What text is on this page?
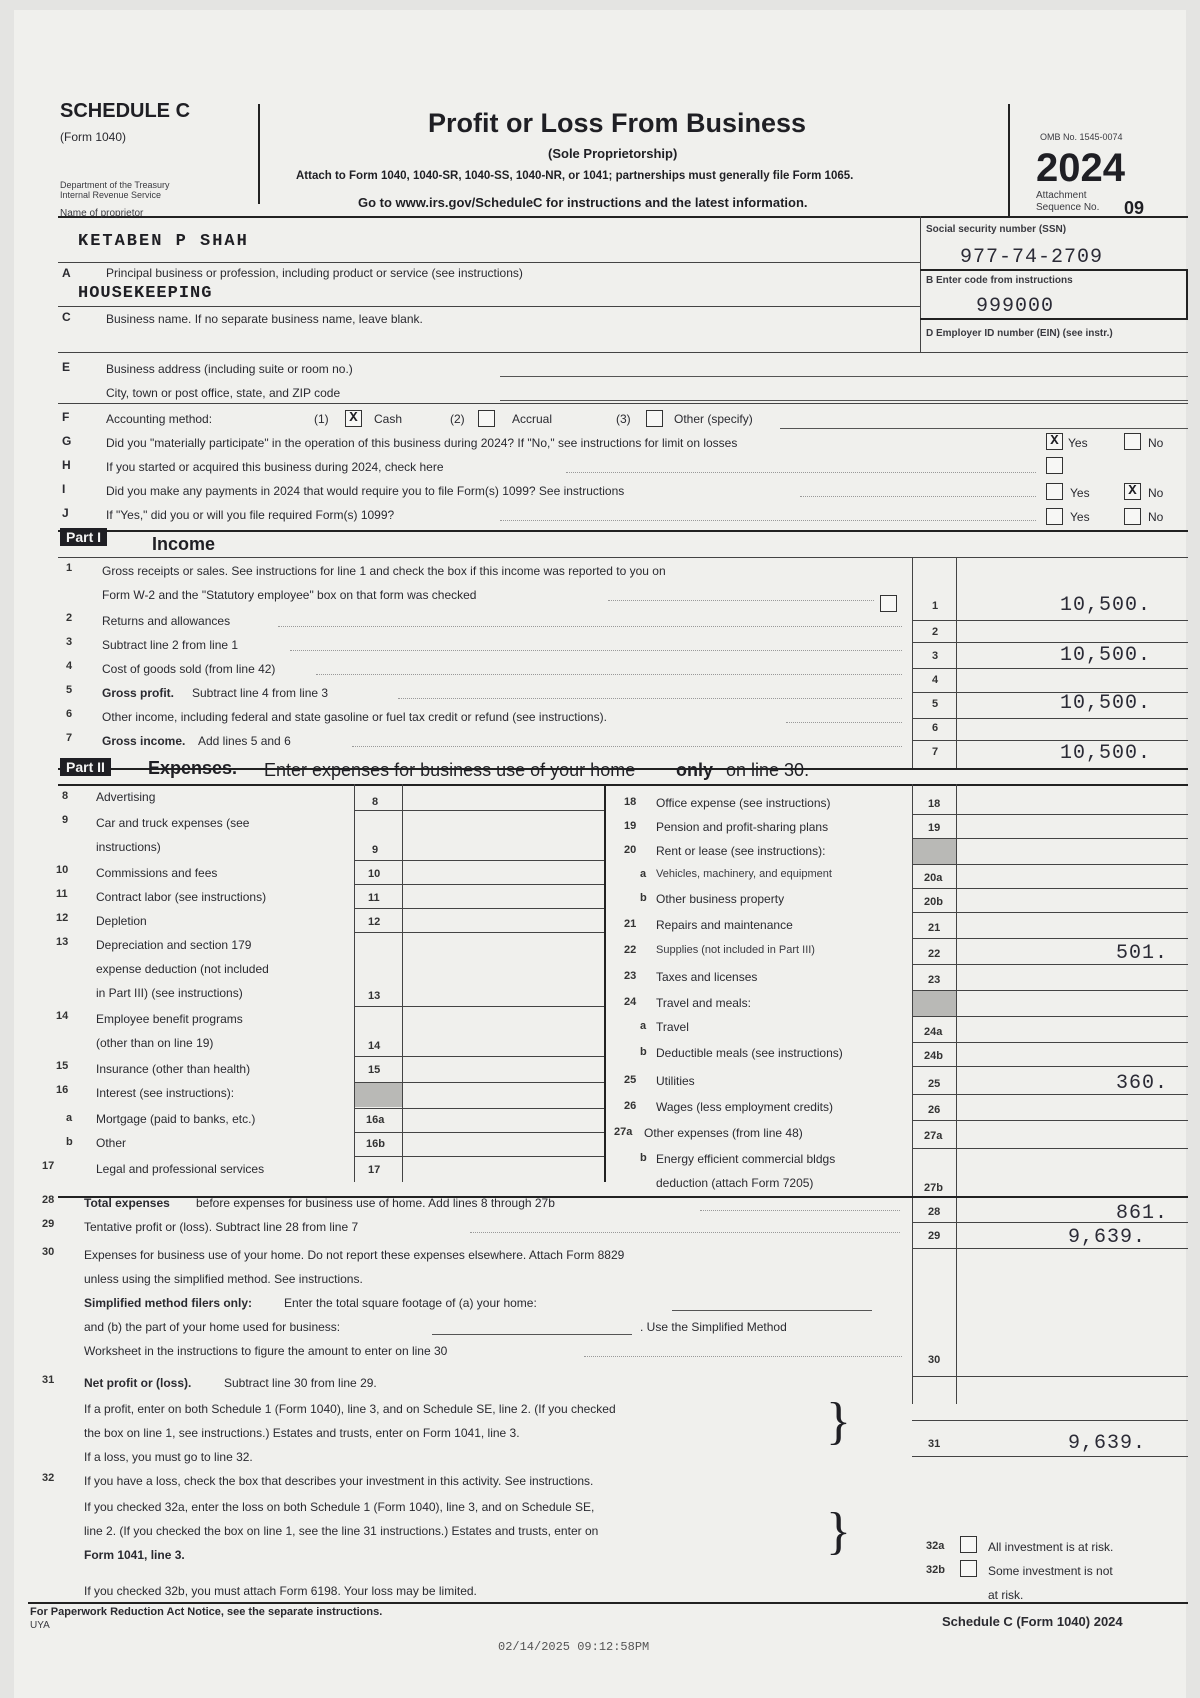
SCHEDULE C
(Form 1040)
Department of the Treasury
Internal Revenue Service
Profit or Loss From Business
(Sole Proprietorship)
Attach to Form 1040, 1040-SR, 1040-SS, 1040-NR, or 1041; partnerships must generally file Form 1065.
Go to www.irs.gov/ScheduleC for instructions and the latest information.
OMB No. 1545-0074
2024
Attachment
Sequence No. 09
Name of proprietor
KETABEN P SHAH
Social security number (SSN)
977-74-2709
A	Principal business or profession, including product or service (see instructions)
HOUSEKEEPING
B Enter code from instructions
999000
C	Business name. If no separate business name, leave blank.
D Employer ID number (EIN) (see instr.)
E	Business address (including suite or room no.)
City, town or post office, state, and ZIP code
F	Accounting method:	(1)	X	Cash	(2)	Accrual	(3)	Other (specify)
G	Did you "materially participate" in the operation of this business during 2024? If "No," see instructions for limit on losses	X Yes	No
H	If you started or acquired this business during 2024, check here
I	Did you make any payments in 2024 that would require you to file Form(s) 1099? See instructions	Yes	X No
J	If "Yes," did you or will you file required Form(s) 1099?	Yes	No
Part I	Income
1 Gross receipts or sales. See instructions for line 1 and check the box if this income was reported to you on
Form W-2 and the "Statutory employee" box on that form was checked
1	10,500.
2 Returns and allowances
2
3 Subtract line 2 from line 1
3	10,500.
4 Cost of goods sold (from line 42)
4
5 Gross profit. Subtract line 4 from line 3
5	10,500.
6 Other income, including federal and state gasoline or fuel tax credit or refund (see instructions).
6
7 Gross income. Add lines 5 and 6
7	10,500.
Part II	Expenses. Enter expenses for business use of your home only on line 30.
8 Advertising	8
9 Car and truck expenses (see
instructions)	9
10 Commissions and fees	10
11 Contract labor (see instructions)	11
12 Depletion	12
13 Depreciation and section 179
expense deduction (not included
in Part III) (see instructions)	13
14 Employee benefit programs
(other than on line 19)	14
15 Insurance (other than health)	15
16 Interest (see instructions):
a Mortgage (paid to banks, etc.)	16a
b Other	16b
17	Legal and professional services	17
18 Office expense (see instructions)	18
19 Pension and profit-sharing plans	19
20 Rent or lease (see instructions):
a Vehicles, machinery, and equipment	20a
b Other business property	20b
21 Repairs and maintenance	21
22 Supplies (not included in Part III)	22	501.
23 Taxes and licenses	23
24 Travel and meals:
a Travel	24a
b Deductible meals (see instructions)	24b
25 Utilities	25	360.
26 Wages (less employment credits)	26
27a Other expenses (from line 48)	27a
b Energy efficient commercial bldgs
deduction (attach Form 7205)	27b
28 Total expenses before expenses for business use of home. Add lines 8 through 27b
28	861.
29 Tentative profit or (loss). Subtract line 28 from line 7
29	9,639.
30 Expenses for business use of your home. Do not report these expenses elsewhere. Attach Form 8829
unless using the simplified method. See instructions.
Simplified method filers only:	Enter the total square footage of (a) your home:
and (b) the part of your home used for business:	. Use the Simplified Method
Worksheet in the instructions to figure the amount to enter on line 30
30
31 Net profit or (loss).	Subtract line 30 from line 29.
If a profit, enter on both Schedule 1 (Form 1040), line 3, and on Schedule SE, line 2. (If you checked
the box on line 1, see instructions.) Estates and trusts, enter on Form 1041, line 3.
If a loss, you must go to line 32.
}	31	9,639.
32 If you have a loss, check the box that describes your investment in this activity. See instructions.
If you checked 32a, enter the loss on both Schedule 1 (Form 1040), line 3, and on Schedule SE,
line 2. (If you checked the box on line 1, see the line 31 instructions.) Estates and trusts, enter on
Form 1041, line 3.
If you checked 32b, you must attach Form 6198. Your loss may be limited.
}	32a	All investment is at risk.
32b	Some investment is not
at risk.
For Paperwork Reduction Act Notice, see the separate instructions.
UYA	Schedule C (Form 1040) 2024
02/14/2025 09:12:58PM
